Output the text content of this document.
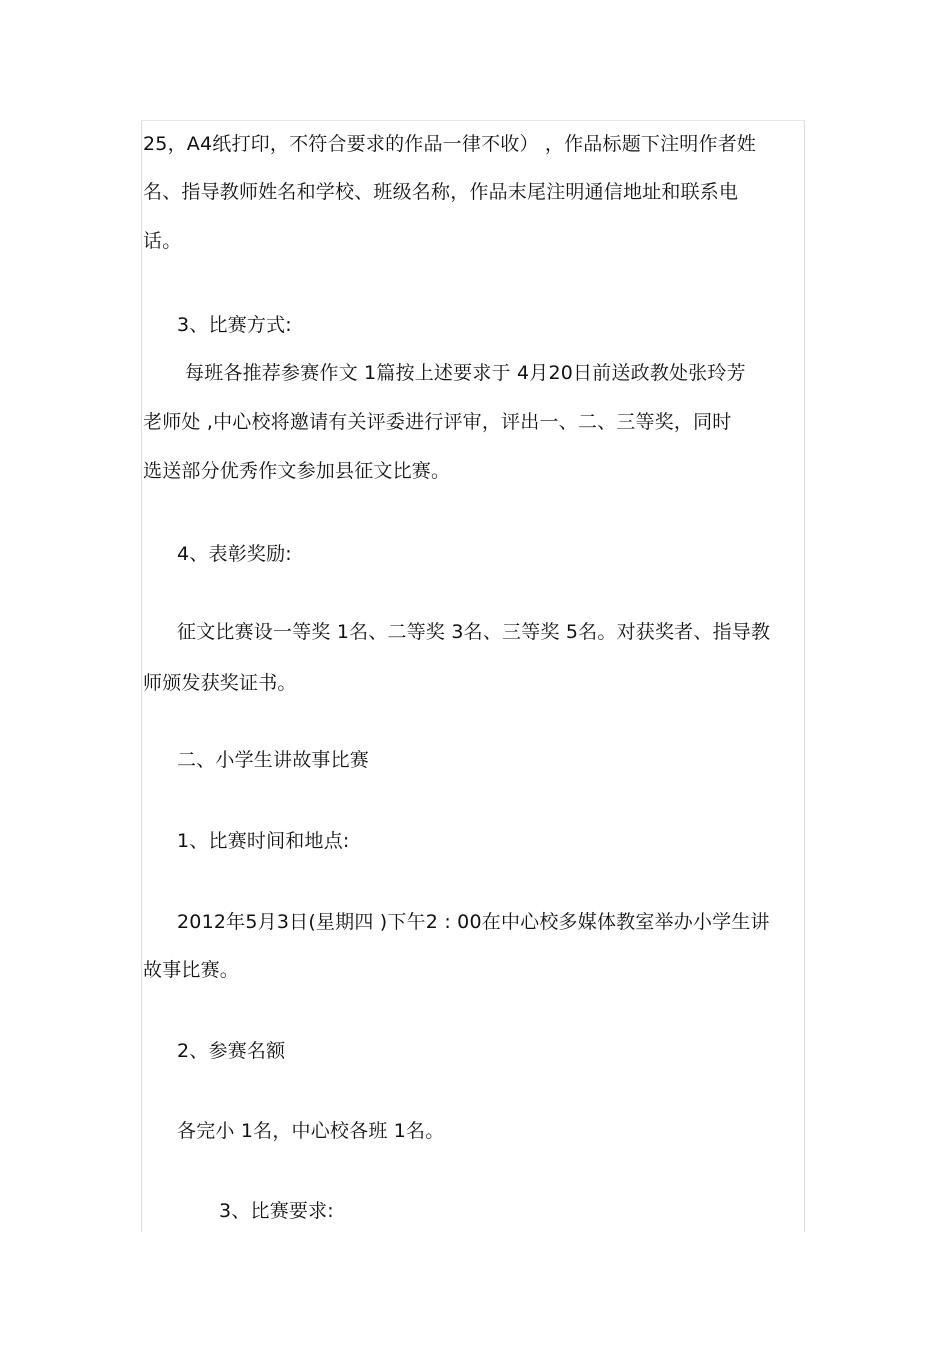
25，A4纸打印，不符合要求的作品一律不收） ，作品标题下注明作者姓
名、指导教师姓名和学校、班级名称，作品末尾注明通信地址和联系电
话。
3、比赛方式:
每班各推荐参赛作文 1篇按上述要求于 4月20日前送政教处张玲芳
老师处 ,中心校将邀请有关评委进行评审，评出一、二、三等奖，同时
选送部分优秀作文参加县征文比赛。
4、表彰奖励:
征文比赛设一等奖 1名、二等奖 3名、三等奖 5名。对获奖者、指导教
师颁发获奖证书。
二、小学生讲故事比赛
1、比赛时间和地点:
2012年5月3日(星期四 )下午2 : 00在中心校多媒体教室举办小学生讲
故事比赛。
2、参赛名额
各完小 1名，中心校各班 1名。
3、比赛要求:
